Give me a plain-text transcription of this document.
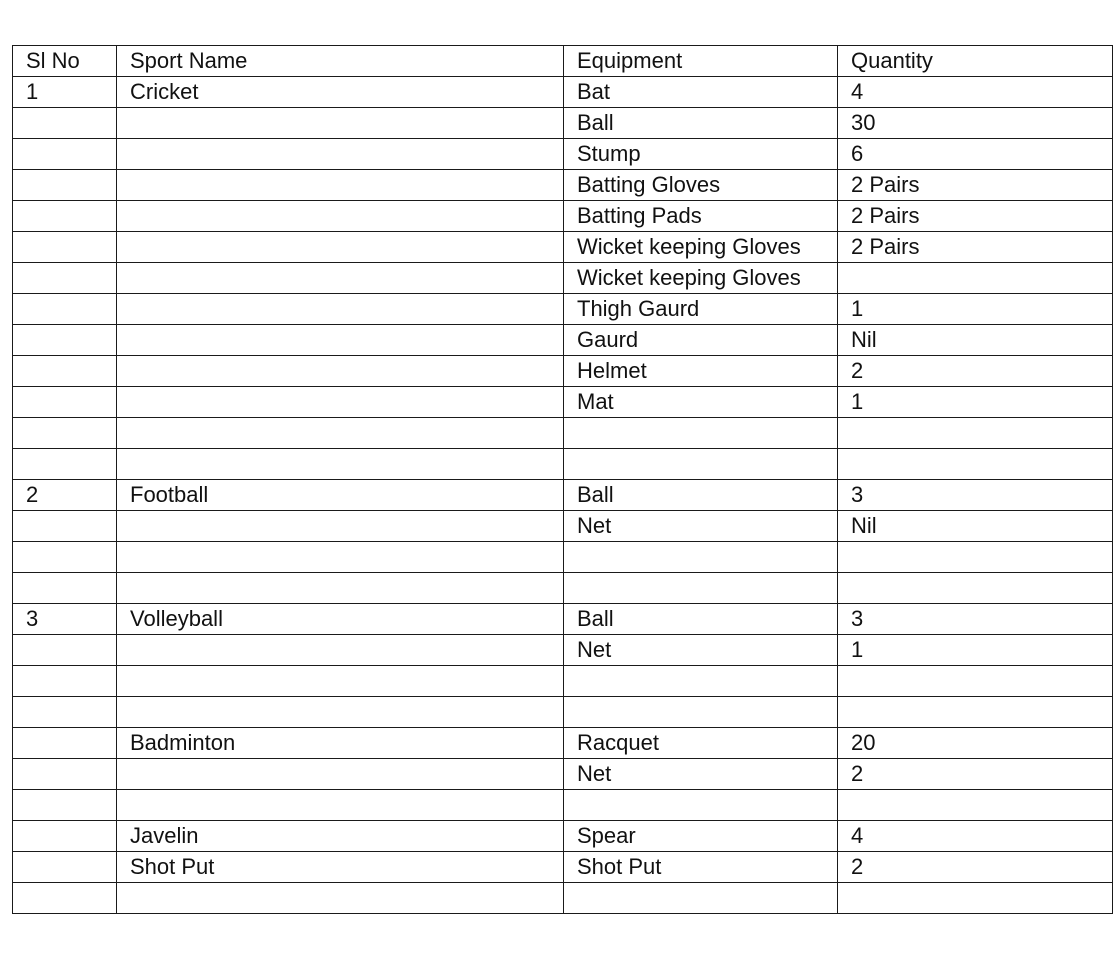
Sl No	Sport Name	Equipment	Quantity
1	Cricket	Bat	4
		Ball	30
		Stump	6
		Batting Gloves	2 Pairs
		Batting Pads	2 Pairs
		Wicket keeping Gloves	2 Pairs
		Wicket keeping Gloves	
		Thigh Gaurd	1
		Gaurd	Nil
		Helmet	2
		Mat	1

2	Football	Ball	3
		Net	Nil

3	Volleyball	Ball	3
		Net	1

	Badminton	Racquet	20
		Net	2

	Javelin	Spear	4
	Shot Put	Shot Put	2
